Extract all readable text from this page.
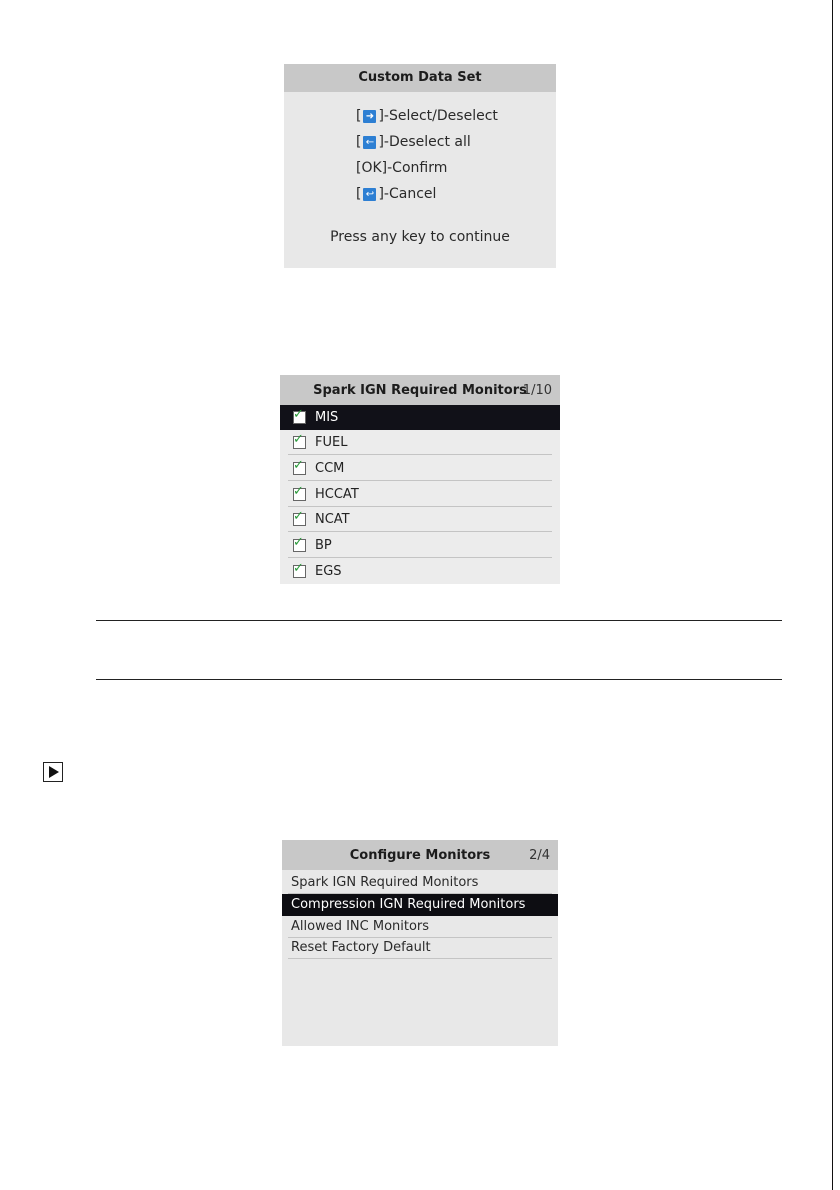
Custom Data Set
[ ➜ ]-Select/Deselect
[ ← ]-Deselect all
[OK]-Confirm
[ ↩ ]-Cancel
Press any key to continue
Spark IGN Required Monitors
1/10
✓ MIS
✓ FUEL
✓ CCM
✓ HCCAT
✓ NCAT
✓ BP
✓ EGS
Configure Monitors	2/4
Spark IGN Required Monitors
Compression IGN Required Monitors
Allowed INC Monitors
Reset Factory Default
